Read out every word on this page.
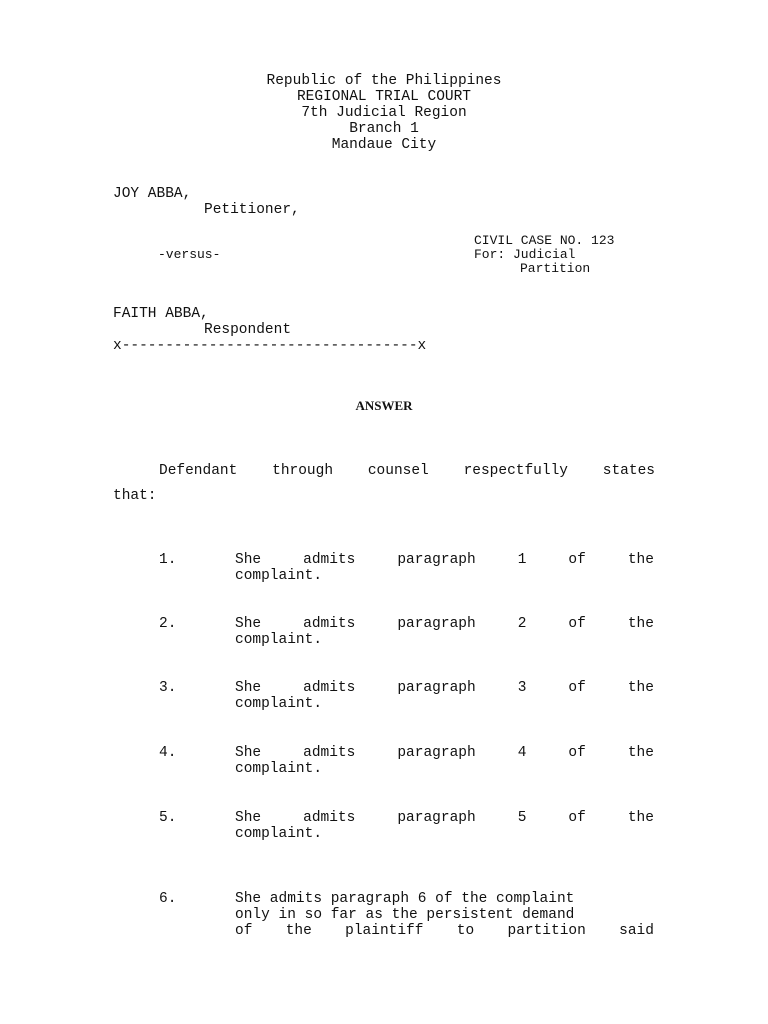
Republic of the Philippines
REGIONAL TRIAL COURT
7th Judicial Region
Branch 1
Mandaue City
JOY ABBA,
Petitioner,
CIVIL CASE NO. 123
-versus-	For: Judicial
Partition
FAITH ABBA,
Respondent
x----------------------------------x
ANSWER
Defendant through counsel respectfully states
that:
1.	She	admits	paragraph	1	of	the
complaint.
2.	She	admits	paragraph	2	of	the
complaint.
3.	She	admits	paragraph	3	of	the
complaint.
4.	She	admits	paragraph	4	of	the
complaint.
5.	She	admits	paragraph	5	of	the
complaint.
6.	She admits paragraph 6 of the complaint
only in so far as the persistent demand
of the plaintiff to partition said
